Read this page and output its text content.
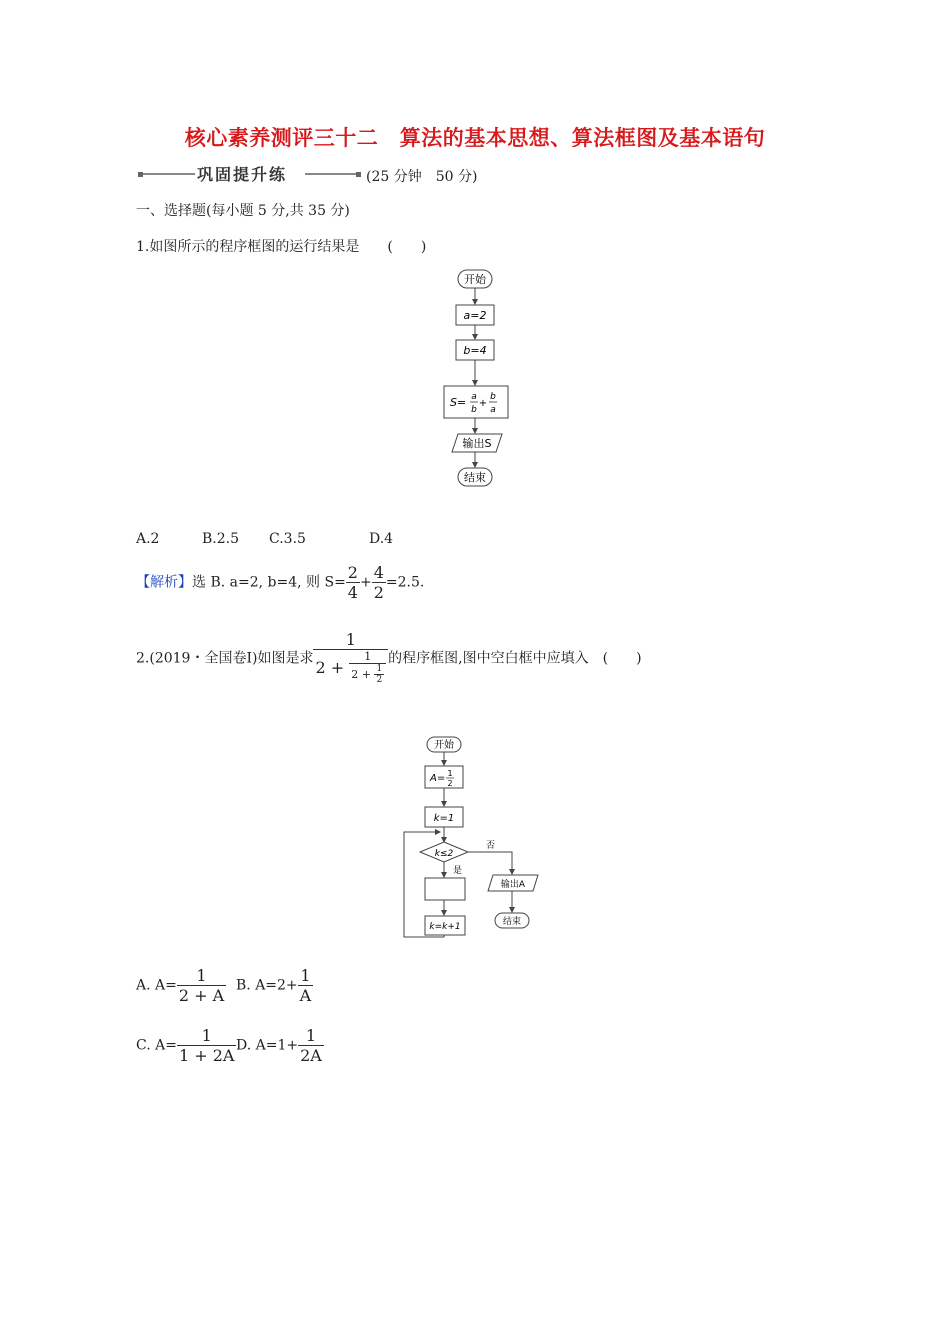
核心素养测评三十二　算法的基本思想、算法框图及基本语句
巩固提升练	(25 分钟　50 分)
一、选择题(每小题 5 分,共 35 分)
1.如图所示的程序框图的运行结果是　　(　　)
开始
a=2
b=4
S= a
b
+
b
a
输出S
结束
A.2	B.2.5 C.3.5	D.4
【解析】选 B. a=2, b=4, 则 $S= \frac{2}{4} + \frac{4}{2} =2.5$.
2.(2019・全国卷Ⅰ)如图是求 $\frac{1}{2 + \frac{1}{2 + \frac{1}{2}}}$ 的程序框图,图中空白框中应填入　(　　)
开始
A= 1
2
k=1
k≤2
否
是
k=k+1
输出A
结束
A. $A= \frac{1}{2 + A} B$. $A=2+ \frac{1}{A}$
C. $A= \frac{1}{1 + 2A} D$. $A=1+ \frac{1}{2A}$
